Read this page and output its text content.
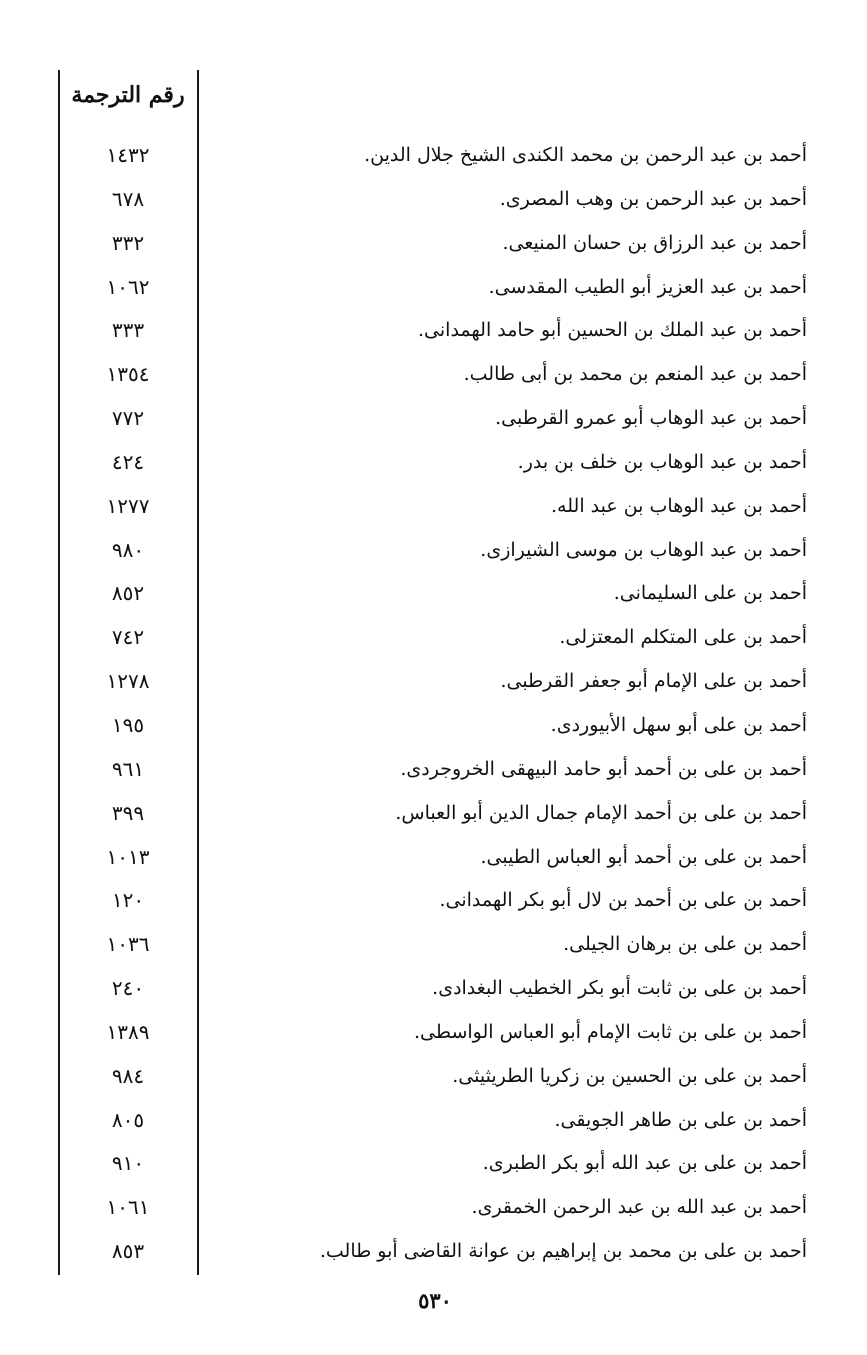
رقم الترجمة
أحمد بن عبد الرحمن بن محمد الكندى الشيخ جلال الدين.
١٤٣٢
أحمد بن عبد الرحمن بن وهب المصرى.
٦٧٨
أحمد بن عبد الرزاق بن حسان المنيعى.
٣٣٢
أحمد بن عبد العزيز أبو الطيب المقدسى.
١٠٦٢
أحمد بن عبد الملك بن الحسين أبو حامد الهمدانى.
٣٣٣
أحمد بن عبد المنعم بن محمد بن أبى طالب.
١٣٥٤
أحمد بن عبد الوهاب أبو عمرو القرطبى.
٧٧٢
أحمد بن عبد الوهاب بن خلف بن بدر.
٤٢٤
أحمد بن عبد الوهاب بن عبد الله.
١٢٧٧
أحمد بن عبد الوهاب بن موسى الشيرازى.
٩٨٠
أحمد بن على السليمانى.
٨٥٢
أحمد بن على المتكلم المعتزلى.
٧٤٢
أحمد بن على الإمام أبو جعفر القرطبى.
١٢٧٨
أحمد بن على أبو سهل الأبيوردى.
١٩٥
أحمد بن على بن أحمد أبو حامد البيهقى الخروجردى.
٩٦١
أحمد بن على بن أحمد الإمام جمال الدين أبو العباس.
٣٩٩
أحمد بن على بن أحمد أبو العباس الطيبى.
١٠١٣
أحمد بن على بن أحمد بن لال أبو بكر الهمدانى.
١٢٠
أحمد بن على بن برهان الجيلى.
١٠٣٦
أحمد بن على بن ثابت أبو بكر الخطيب البغدادى.
٢٤٠
أحمد بن على بن ثابت الإمام أبو العباس الواسطى.
١٣٨٩
أحمد بن على بن الحسين بن زكريا الطريثيثى.
٩٨٤
أحمد بن على بن طاهر الجويقى.
٨٠٥
أحمد بن على بن عبد الله أبو بكر الطبرى.
٩١٠
أحمد بن عبد الله بن عبد الرحمن الخمقرى.
١٠٦١
أحمد بن على بن محمد بن إبراهيم بن عوانة القاضى أبو طالب.
٨٥٣
٥٣٠
